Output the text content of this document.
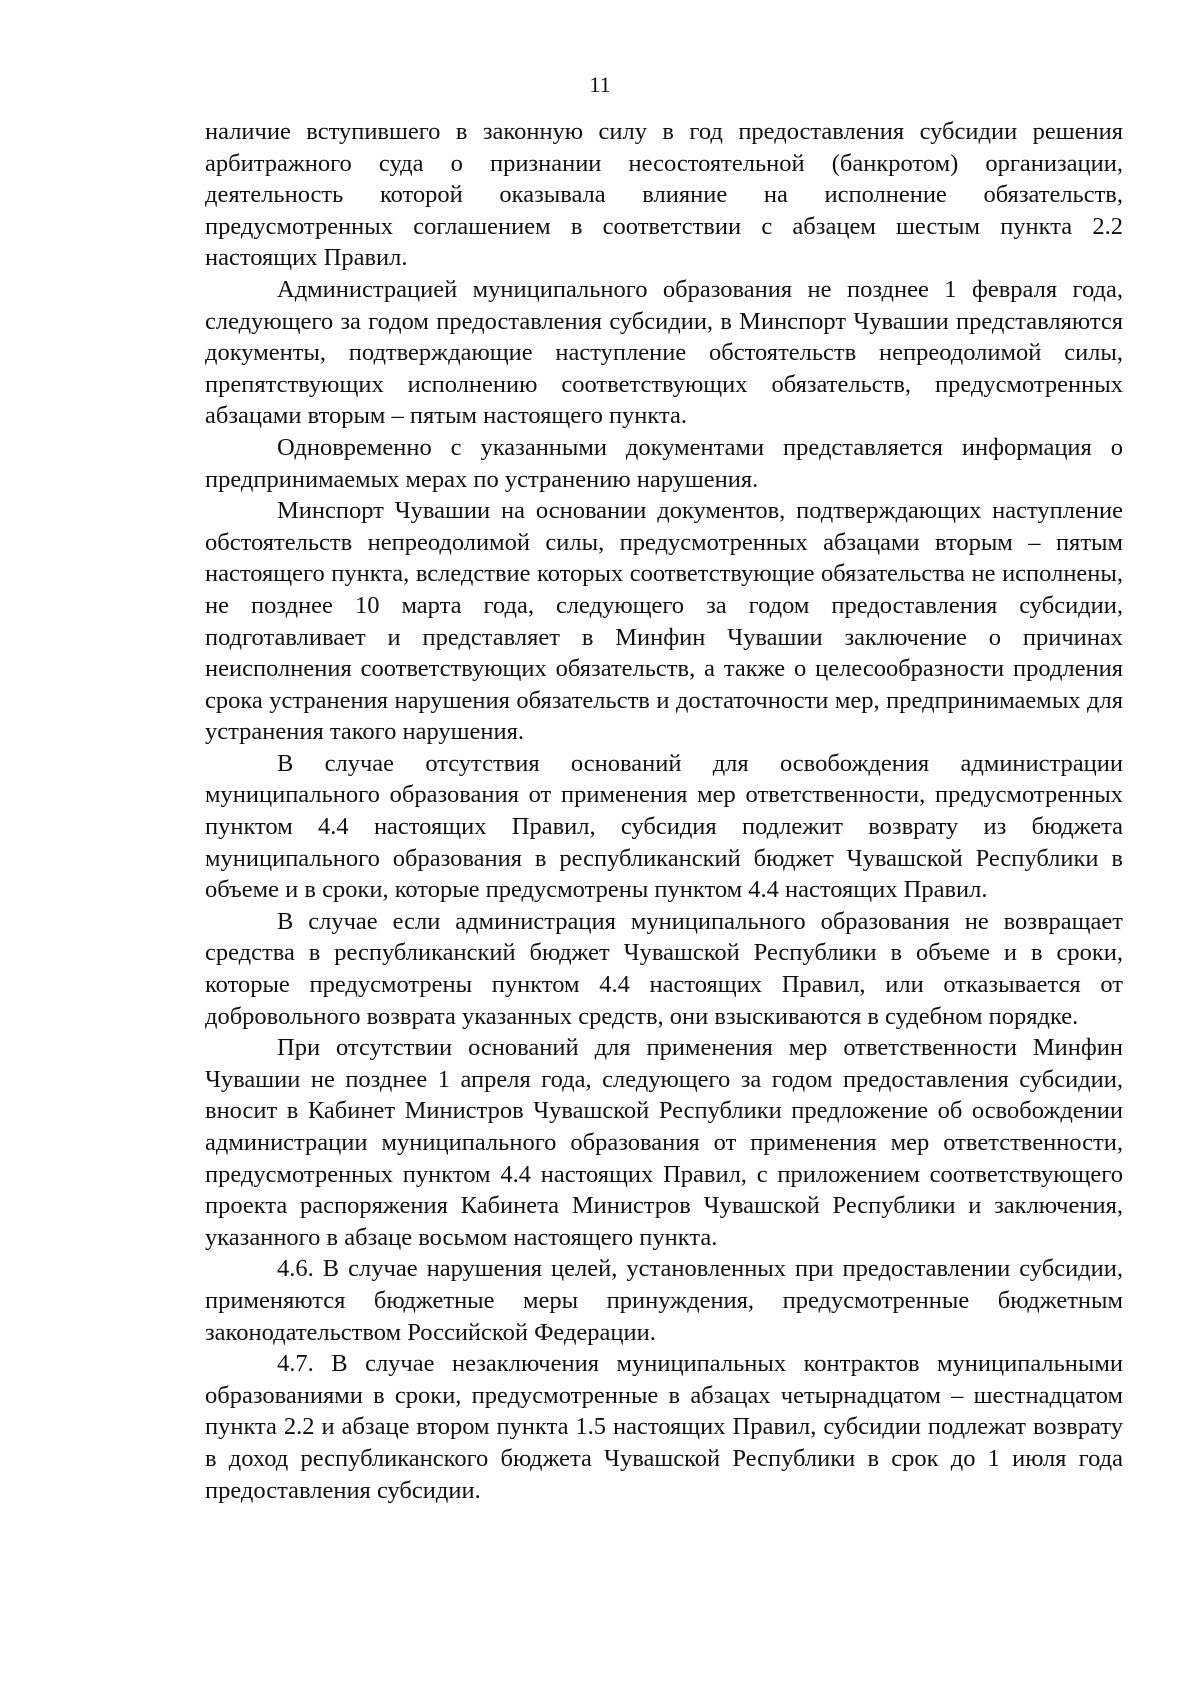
11

наличие вступившего в законную силу в год предоставления субсидии решения арбитражного суда о признании несостоятельной (банкротом) организации, деятельность которой оказывала влияние на исполнение обязательств, предусмотренных соглашением в соответствии с абзацем шестым пункта 2.2 настоящих Правил.

Администрацией муниципального образования не позднее 1 февраля года, следующего за годом предоставления субсидии, в Минспорт Чувашии представляются документы, подтверждающие наступление обстоятельств непреодолимой силы, препятствующих исполнению соответствующих обязательств, предусмотренных абзацами вторым – пятым настоящего пункта.

Одновременно с указанными документами представляется информация о предпринимаемых мерах по устранению нарушения.

Минспорт Чувашии на основании документов, подтверждающих наступление обстоятельств непреодолимой силы, предусмотренных абзацами вторым – пятым настоящего пункта, вследствие которых соответствующие обязательства не исполнены, не позднее 10 марта года, следующего за годом предоставления субсидии, подготавливает и представляет в Минфин Чувашии заключение о причинах неисполнения соответствующих обязательств, а также о целесообразности продления срока устранения нарушения обязательств и достаточности мер, предпринимаемых для устранения такого нарушения.

В случае отсутствия оснований для освобождения администрации муниципального образования от применения мер ответственности, предусмотренных пунктом 4.4 настоящих Правил, субсидия подлежит возврату из бюджета муниципального образования в республиканский бюджет Чувашской Республики в объеме и в сроки, которые предусмотрены пунктом 4.4 настоящих Правил.

В случае если администрация муниципального образования не возвращает средства в республиканский бюджет Чувашской Республики в объеме и в сроки, которые предусмотрены пунктом 4.4 настоящих Правил, или отказывается от добровольного возврата указанных средств, они взыскиваются в судебном порядке.

При отсутствии оснований для применения мер ответственности Минфин Чувашии не позднее 1 апреля года, следующего за годом предоставления субсидии, вносит в Кабинет Министров Чувашской Республики предложение об освобождении администрации муниципального образования от применения мер ответственности, предусмотренных пунктом 4.4 настоящих Правил, с приложением соответствующего проекта распоряжения Кабинета Министров Чувашской Республики и заключения, указанного в абзаце восьмом настоящего пункта.

4.6. В случае нарушения целей, установленных при предоставлении субсидии, применяются бюджетные меры принуждения, предусмотренные бюджетным законодательством Российской Федерации.

4.7. В случае незаключения муниципальных контрактов муниципальными образованиями в сроки, предусмотренные в абзацах четырнадцатом – шестнадцатом пункта 2.2 и абзаце втором пункта 1.5 настоящих Правил, субсидии подлежат возврату в доход республиканского бюджета Чувашской Республики в срок до 1 июля года предоставления субсидии.
